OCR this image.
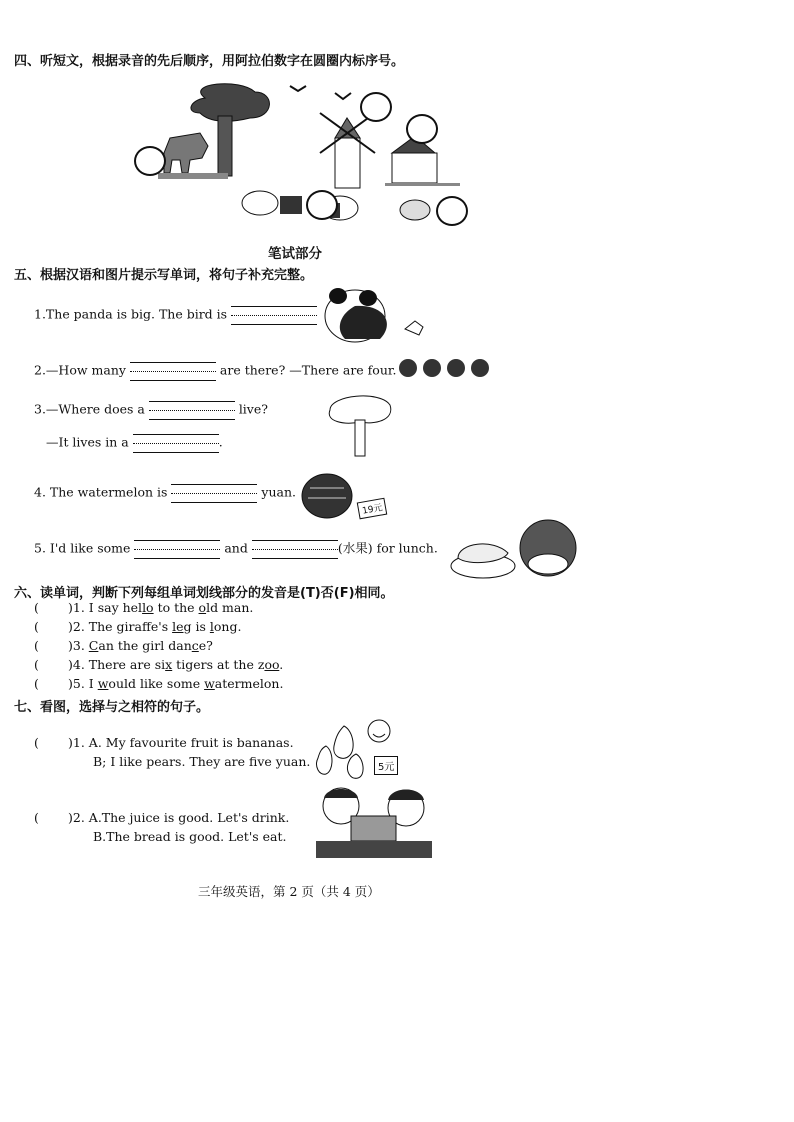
四、听短文，根据录音的先后顺序，用阿拉伯数字在圆圈内标序号。
笔试部分
五、根据汉语和图片提示写单词，将句子补充完整。
1.The panda is big. The bird is
2.—How many	are there? —There are four.
3.—Where does a	live?
—It lives in a	.
4. The watermelon is	yuan.
19元
5. I'd like some	and	(水果) for lunch.
六、读单词，判断下列每组单词划线部分的发音是(T)否(F)相同。
( )1. I say hello to the old man.
( )2. The giraffe's leg is long.
( )3. Can the girl dance?
( )4. There are six tigers at the zoo.
( )5. I would like some watermelon.
七、看图，选择与之相符的句子。
( )1. A. My favourite fruit is bananas.
B; I like pears. They are five yuan.	5元
( )2. A.The juice is good. Let's drink.
B.The bread is good. Let's eat.
三年级英语，第 2 页（共 4 页）
